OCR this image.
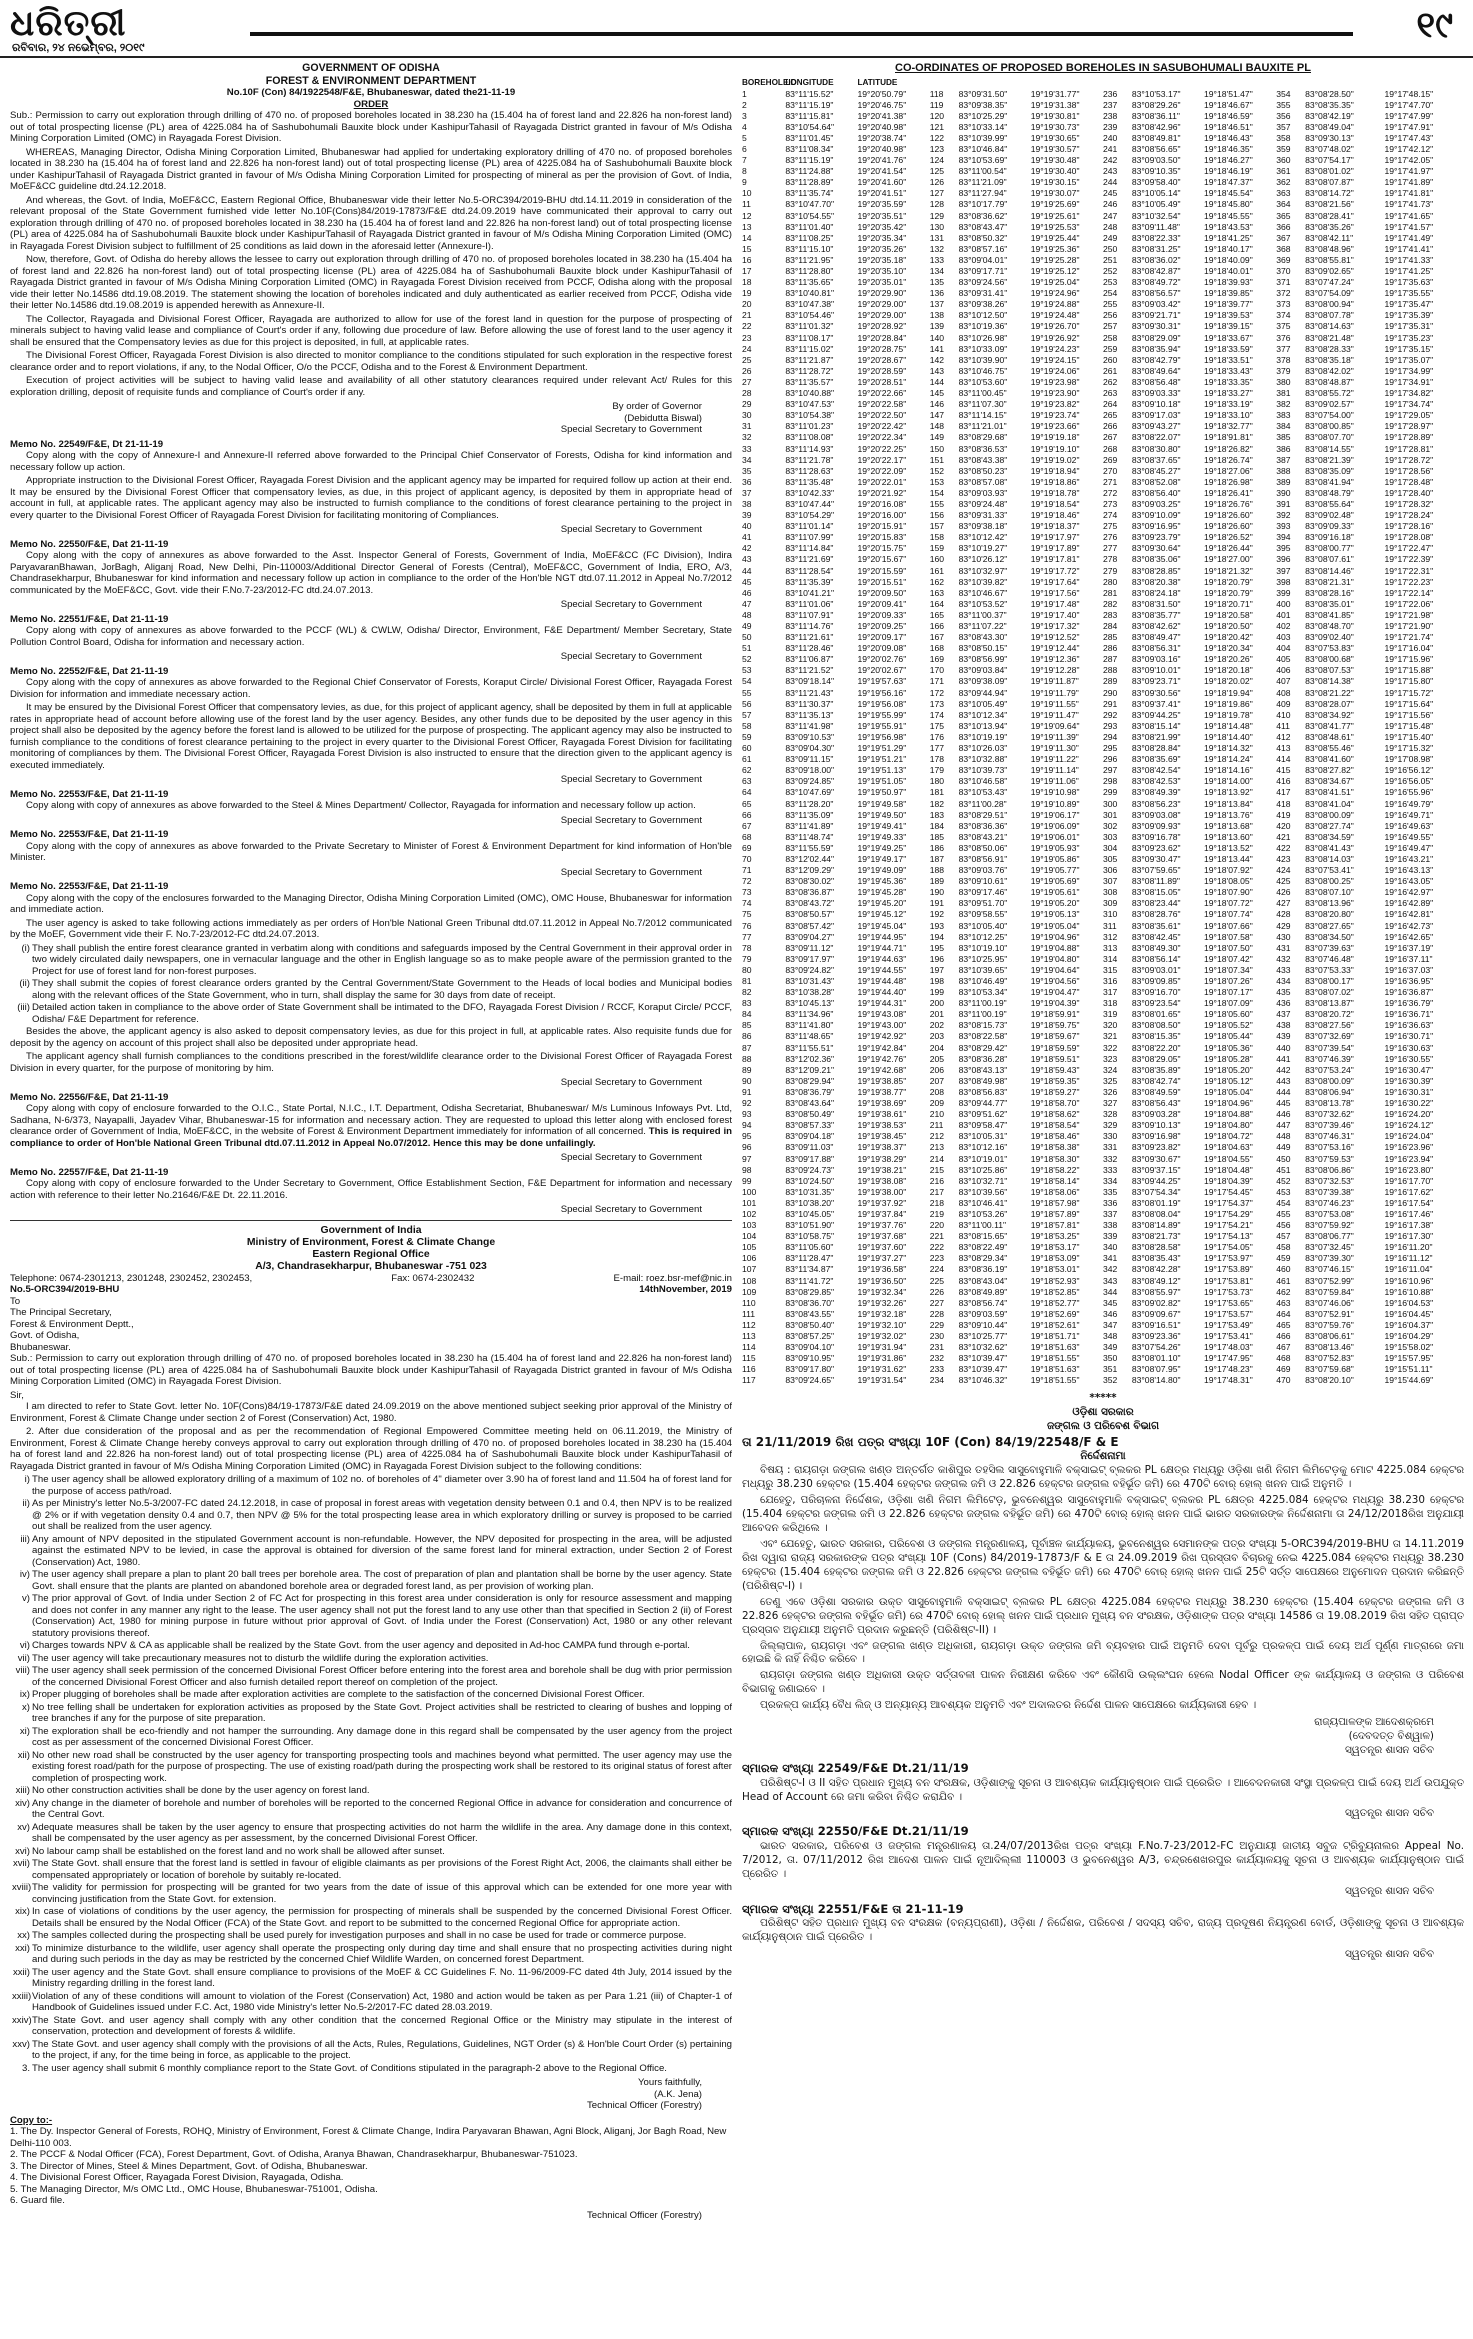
ଧରିତ୍ରୀ
ରବିବାର, ୨୪ ନଭେମ୍ବର, ୨୦୧୯
୧୯
GOVERNMENT OF ODISHA
FOREST & ENVIRONMENT DEPARTMENT
No.10F (Con) 84/1922548/F&E, Bhubaneswar, dated the21-11-19
ORDER
Sub.: Permission to carry out exploration through drilling of 470 no. of proposed boreholes located in 38.230 ha (15.404 ha of forest land and 22.826 ha non-forest land) out of total prospecting license (PL) area of 4225.084 ha of Sashubohumali Bauxite block under KashipurTahasil of Rayagada District granted in favour of M/s Odisha Mining Corporation Limited (OMC) in Rayagada Forest Division.
WHEREAS, Managing Director, Odisha Mining Corporation Limited, Bhubaneswar had applied for undertaking exploratory drilling of 470 no. of proposed boreholes located in 38.230 ha (15.404 ha of forest land and 22.826 ha non-forest land) out of total prospecting license (PL) area of 4225.084 ha of Sashubohumali Bauxite block under KashipurTahasil of Rayagada District granted in favour of M/s Odisha Mining Corporation Limited for prospecting of mineral as per the provision of Govt. of India, MoEF&CC guideline dtd.24.12.2018.
And whereas, the Govt. of India, MoEF&CC, Eastern Regional Office, Bhubaneswar vide their letter No.5-ORC394/2019-BHU dtd.14.11.2019 in consideration of the relevant proposal of the State Government furnished vide letter No.10F(Cons)84/2019-17873/F&E dtd.24.09.2019 have communicated their approval to carry out exploration through drilling of 470 no. of proposed boreholes located in 38.230 ha (15.404 ha of forest land and 22.826 ha non-forest land) out of total prospecting license (PL) area of 4225.084 ha of Sashubohumali Bauxite block under KashipurTahasil of Rayagada District granted in favour of M/s Odisha Mining Corporation Limited (OMC) in Rayagada Forest Division subject to fulfillment of 25 conditions as laid down in the aforesaid letter (Annexure-I).
Now, therefore, Govt. of Odisha do hereby allows the lessee to carry out exploration through drilling of 470 no. of proposed boreholes located in 38.230 ha (15.404 ha of forest land and 22.826 ha non-forest land) out of total prospecting license (PL) area of 4225.084 ha of Sashubohumali Bauxite block under KashipurTahasil of Rayagada District granted in favour of M/s Odisha Mining Corporation Limited (OMC) in Rayagada Forest Division received from PCCF, Odisha along with the proposal vide their letter No.14586 dtd.19.08.2019. The statement showing the location of boreholes indicated and duly authenticated as earlier received from PCCF, Odisha vide their letter No.14586 dtd.19.08.2019 is appended herewith as Annexure-II.
The Collector, Rayagada and Divisional Forest Officer, Rayagada are authorized to allow for use of the forest land in question for the purpose of prospecting of minerals subject to having valid lease and compliance of Court's order if any, following due procedure of law. Before allowing the use of forest land to the user agency it shall be ensured that the Compensatory levies as due for this project is deposited, in full, at applicable rates.
The Divisional Forest Officer, Rayagada Forest Division is also directed to monitor compliance to the conditions stipulated for such exploration in the respective forest clearance order and to report violations, if any, to the Nodal Officer, O/o the PCCF, Odisha and to the Forest & Environment Department.
Execution of project activities will be subject to having valid lease and availability of all other statutory clearances required under relevant Act/ Rules for this exploration drilling, deposit of requisite funds and compliance of Court's order if any.
By order of Governor
(Debidutta Biswal)
Special Secretary to Government
Memo No. 22549/F&E, Dt 21-11-19
Copy along with the copy of Annexure-I and Annexure-II referred above forwarded to the Principal Chief Conservator of Forests, Odisha for kind information and necessary follow up action.
Appropriate instruction to the Divisional Forest Officer, Rayagada Forest Division and the applicant agency may be imparted for required follow up action at their end. It may be ensured by the Divisional Forest Officer that compensatory levies, as due, in this project of applicant agency, is deposited by them in appropriate head of account in full, at applicable rates. The applicant agency may also be instructed to furnish compliance to the conditions of forest clearance pertaining to the project in every quarter to the Divisional Forest Officer of Rayagada Forest Division for facilitating monitoring of Compliances.
Special Secretary to Government
Memo No. 22550/F&E, Dat 21-11-19
Copy along with the copy of annexures as above forwarded to the Asst. Inspector General of Forests, Government of India, MoEF&CC (FC Division), Indira ParyavaranBhawan, JorBagh, Aliganj Road, New Delhi, Pin-110003/Additional Director General of Forests (Central), MoEF&CC, Government of India, ERO, A/3, Chandrasekharpur, Bhubaneswar for kind information and necessary follow up action in compliance to the order of the Hon'ble NGT dtd.07.11.2012 in Appeal No.7/2012 communicated by the MoEF&CC, Govt. vide their F.No.7-23/2012-FC dtd.24.07.2013.
Special Secretary to Government
Memo No. 22551/F&E, Dat 21-11-19
Copy along with copy of annexures as above forwarded to the PCCF (WL) & CWLW, Odisha/ Director, Environment, F&E Department/ Member Secretary, State Pollution Control Board, Odisha for information and necessary action.
Special Secretary to Government
Memo No. 22552/F&E, Dat 21-11-19
Copy along with the copy of annexures as above forwarded to the Regional Chief Conservator of Forests, Koraput Circle/ Divisional Forest Officer, Rayagada Forest Division for information and immediate necessary action.
It may be ensured by the Divisional Forest Officer that compensatory levies, as due, for this project of applicant agency, shall be deposited by them in full at applicable rates in appropriate head of account before allowing use of the forest land by the user agency. Besides, any other funds due to be deposited by the user agency in this project shall also be deposited by the agency before the forest land is allowed to be utilized for the purpose of prospecting. The applicant agency may also be instructed to furnish compliance to the conditions of forest clearance pertaining to the project in every quarter to the Divisional Forest Officer, Rayagada Forest Division for facilitating monitoring of compliances by them. The Divisional Forest Officer, Rayagada Forest Division is also instructed to ensure that the direction given to the applicant agency is executed immediately.
Special Secretary to Government
Memo No. 22553/F&E, Dat 21-11-19
Copy along with copy of annexures as above forwarded to the Steel & Mines Department/ Collector, Rayagada for information and necessary follow up action.
Special Secretary to Government
Memo No. 22553/F&E, Dat 21-11-19
Copy along with the copy of annexures as above forwarded to the Private Secretary to Minister of Forest & Environment Department for kind information of Hon'ble Minister.
Special Secretary to Government
Memo No. 22553/F&E, Dat 21-11-19
Copy along with the copy of the enclosures forwarded to the Managing Director, Odisha Mining Corporation Limited (OMC), OMC House, Bhubaneswar for information and immediate action.
The user agency is asked to take following actions immediately as per orders of Hon'ble National Green Tribunal dtd.07.11.2012 in Appeal No.7/2012 communicated by the MoEF, Government vide their F. No.7-23/2012-FC dtd.24.07.2013.
(i) They shall publish the entire forest clearance granted in verbatim along with conditions and safeguards imposed by the Central Government in their approval order in two widely circulated daily newspapers, one in vernacular language and the other in English language so as to make people aware of the permission granted to the Project for use of forest land for non-forest purposes.
(ii) They shall submit the copies of forest clearance orders granted by the Central Government/State Government to the Heads of local bodies and Municipal bodies along with the relevant offices of the State Government, who in turn, shall display the same for 30 days from date of receipt.
(iii) Detailed action taken in compliance to the above order of State Government shall be intimated to the DFO, Rayagada Forest Division / RCCF, Koraput Circle/ PCCF, Odisha/ F&E Department for reference.
Besides the above, the applicant agency is also asked to deposit compensatory levies, as due for this project in full, at applicable rates. Also requisite funds due for deposit by the agency on account of this project shall also be deposited under appropriate head.
The applicant agency shall furnish compliances to the conditions prescribed in the forest/wildlife clearance order to the Divisional Forest Officer of Rayagada Forest Division in every quarter, for the purpose of monitoring by him.
Special Secretary to Government
Memo No. 22556/F&E, Dat 21-11-19
Copy along with copy of enclosure forwarded to the O.I.C., State Portal, N.I.C., I.T. Department, Odisha Secretariat, Bhubaneswar/ M/s Luminous Infoways Pvt. Ltd, Sadhana, N-6/373, Nayapalli, Jayadev Vihar, Bhubaneswar-15 for information and necessary action. They are requested to upload this letter along with enclosed forest clearance order of Government of India, MoEF&CC, in the website of Forest & Environment Department immediately for information of all concerned. This is required in compliance to order of Hon'ble National Green Tribunal dtd.07.11.2012 in Appeal No.07/2012. Hence this may be done unfailingly.
Special Secretary to Government
Memo No. 22557/F&E, Dat 21-11-19
Copy along with copy of enclosure forwarded to the Under Secretary to Government, Office Establishment Section, F&E Department for information and necessary action with reference to their letter No.21646/F&E Dt. 22.11.2016.
Special Secretary to Government
Government of India
Ministry of Environment, Forest & Climate Change
Eastern Regional Office
A/3, Chandrasekharpur, Bhubaneswar -751 023
Telephone: 0674-2301213, 2301248, 2302452, 2302453,	Fax: 0674-2302432	E-mail: roez.bsr-mef@nic.in
No.5-ORC394/2019-BHU	14thNovember, 2019
To
The Principal Secretary,
Forest & Environment Deptt.,
Govt. of Odisha,
Bhubaneswar.
Sub.: Permission to carry out exploration through drilling of 470 no. of proposed boreholes located in 38.230 ha (15.404 ha of forest land and 22.826 ha non-forest land) out of total prospecting license (PL) area of 4225.084 ha of Sashubohumali Bauxite block under KashipurTahasil of Rayagada District granted in favour of M/s Odisha Mining Corporation Limited (OMC) in Rayagada Forest Division.
Sir,
I am directed to refer to State Govt. letter No. 10F(Cons)84/19-17873/F&E dated 24.09.2019 on the above mentioned subject seeking prior approval of the Ministry of Environment, Forest & Climate Change under section 2 of Forest (Conservation) Act, 1980.
2. After due consideration of the proposal and as per the recommendation of Regional Empowered Committee meeting held on 06.11.2019, the Ministry of Environment, Forest & Climate Change hereby conveys approval to carry out exploration through drilling of 470 no. of proposed boreholes located in 38.230 ha (15.404 ha of forest land and 22.826 ha non-forest land) out of total prospecting license (PL) area of 4225.084 ha of Sashubohumali Bauxite block under KashipurTahasil of Rayagada District granted in favour of M/s Odisha Mining Corporation Limited (OMC) in Rayagada Forest Division subject to the following conditions:
i) The user agency shall be allowed exploratory drilling of a maximum of 102 no. of boreholes of 4" diameter over 3.90 ha of forest land and 11.504 ha of forest land for the purpose of access path/road.
ii) As per Ministry's letter No.5-3/2007-FC dated 24.12.2018, in case of proposal in forest areas with vegetation density between 0.1 and 0.4, then NPV is to be realized @ 2% or if with vegetation density 0.4 and 0.7, then NPV @ 5% for the total prospecting lease area in which exploratory drilling or survey is proposed to be carried out shall be realized from the user agency.
iii) Any amount of NPV deposited in the stipulated Government account is non-refundable. However, the NPV deposited for prospecting in the area, will be adjusted against the estimated NPV to be levied, in case the approval is obtained for diversion of the same forest land for mineral extraction, under Section 2 of Forest (Conservation) Act, 1980.
iv) The user agency shall prepare a plan to plant 20 ball trees per borehole area. The cost of preparation of plan and plantation shall be borne by the user agency. State Govt. shall ensure that the plants are planted on abandoned borehole area or degraded forest land, as per provision of working plan.
v) The prior approval of Govt. of India under Section 2 of FC Act for prospecting in this forest area under consideration is only for resource assessment and mapping and does not confer in any manner any right to the lease. The user agency shall not put the forest land to any use other than that specified in Section 2 (ii) of Forest (Conservation) Act, 1980 for mining purpose in future without prior approval of Govt. of India under the Forest (Conservation) Act, 1980 or any other relevant statutory provisions thereof.
vi) Charges towards NPV & CA as applicable shall be realized by the State Govt. from the user agency and deposited in Ad-hoc CAMPA fund through e-portal.
vii) The user agency will take precautionary measures not to disturb the wildlife during the exploration activities.
viii) The user agency shall seek permission of the concerned Divisional Forest Officer before entering into the forest area and borehole shall be dug with prior permission of the concerned Divisional Forest Officer and also furnish detailed report thereof on completion of the project.
ix) Proper plugging of boreholes shall be made after exploration activities are complete to the satisfaction of the concerned Divisional Forest Officer.
x) No tree felling shall be undertaken for exploration activities as proposed by the State Govt. Project activities shall be restricted to clearing of bushes and lopping of tree branches if any for the purpose of site preparation.
xi) The exploration shall be eco-friendly and not hamper the surrounding. Any damage done in this regard shall be compensated by the user agency from the project cost as per assessment of the concerned Divisional Forest Officer.
xii) No other new road shall be constructed by the user agency for transporting prospecting tools and machines beyond what permitted. The user agency may use the existing forest road/path for the purpose of prospecting. The use of existing road/path during the prospecting work shall be restored to its original status of forest after completion of prospecting work.
xiii) No other construction activities shall be done by the user agency on forest land.
xiv) Any change in the diameter of borehole and number of boreholes will be reported to the concerned Regional Office in advance for consideration and concurrence of the Central Govt.
xv) Adequate measures shall be taken by the user agency to ensure that prospecting activities do not harm the wildlife in the area. Any damage done in this context, shall be compensated by the user agency as per assessment, by the concerned Divisional Forest Officer.
xvi) No labour camp shall be established on the forest land and no work shall be allowed after sunset.
xvii) The State Govt. shall ensure that the forest land is settled in favour of eligible claimants as per provisions of the Forest Right Act, 2006, the claimants shall either be compensated appropriately or location of borehole by suitably re-located.
xviii) The validity for permission for prospecting will be granted for two years from the date of issue of this approval which can be extended for one more year with convincing justification from the State Govt. for extension.
xix) In case of violations of conditions by the user agency, the permission for prospecting of minerals shall be suspended by the concerned Divisional Forest Officer. Details shall be ensured by the Nodal Officer (FCA) of the State Govt. and report to be submitted to the concerned Regional Office for appropriate action.
xx) The samples collected during the prospecting shall be used purely for investigation purposes and shall in no case be used for trade or commerce purpose.
xxi) To minimize disturbance to the wildlife, user agency shall operate the prospecting only during day time and shall ensure that no prospecting activities during night and during such periods in the day as may be restricted by the concerned Chief Wildlife Warden, on concerned forest Department.
xxii) The user agency and the State Govt. shall ensure compliance to provisions of the MoEF & CC Guidelines F. No. 11-96/2009-FC dated 4th July, 2014 issued by the Ministry regarding drilling in the forest land.
xxiii) Violation of any of these conditions will amount to violation of the Forest (Conservation) Act, 1980 and action would be taken as per Para 1.21 (iii) of Chapter-1 of Handbook of Guidelines issued under F.C. Act, 1980 vide Ministry's letter No.5-2/2017-FC dated 28.03.2019.
xxiv) The State Govt. and user agency shall comply with any other condition that the concerned Regional Office or the Ministry may stipulate in the interest of conservation, protection and development of forests & wildlife.
xxv) The State Govt. and user agency shall comply with the provisions of all the Acts, Rules, Regulations, Guidelines, NGT Order (s) & Hon'ble Court Order (s) pertaining to the project, if any, for the time being in force, as applicable to the project.
3. The user agency shall submit 6 monthly compliance report to the State Govt. of Conditions stipulated in the paragraph-2 above to the Regional Office.
Yours faithfully,
(A.K. Jena)
Technical Officer (Forestry)
Copy to:-
1. The Dy. Inspector General of Forests, ROHQ, Ministry of Environment, Forest & Climate Change, Indira Paryavaran Bhawan, Agni Block, Aliganj, Jor Bagh Road, New Delhi-110 003.
2. The PCCF & Nodal Officer (FCA), Forest Department, Govt. of Odisha, Aranya Bhawan, Chandrasekharpur, Bhubaneswar-751023.
3. The Director of Mines, Steel & Mines Department, Govt. of Odisha, Bhubaneswar.
4. The Divisional Forest Officer, Rayagada Forest Division, Rayagada, Odisha.
5. The Managing Director, M/s OMC Ltd., OMC House, Bhubaneswar-751001, Odisha.
6. Guard file.
Technical Officer (Forestry)
CO-ORDINATES OF PROPOSED BOREHOLES IN SASUBOHUMALI BAUXITE PL
BOREHOLEID	LONGITUDE	LATITUDE									
1	83°11'15.52"	19°20'50.79"	118	83°09'31.50"	19°19'31.77"	236	83°10'53.17"	19°18'51.47"	354	83°08'28.50"	19°17'48.15"
2	83°11'15.19"	19°20'46.75"	119	83°09'38.35"	19°19'31.38"	237	83°08'29.26"	19°18'46.67"	355	83°08'35.35"	19°17'47.70"
3	83°11'15.81"	19°20'41.38"	120	83°10'25.29"	19°19'30.81"	238	83°08'36.11"	19°18'46.59"	356	83°08'42.19"	19°17'47.99"
4	83°10'54.64"	19°20'40.98"	121	83°10'33.14"	19°19'30.73"	239	83°08'42.96"	19°18'46.51"	357	83°08'49.04"	19°17'47.91"
5	83°11'01.45"	19°20'38.74"	122	83°10'39.99"	19°19'30.65"	240	83°08'49.81"	19°18'46.43"	358	83°09'30.13"	19°17'47.43"
6	83°11'08.34"	19°20'40.98"	123	83°10'46.84"	19°19'30.57"	241	83°08'56.65"	19°18'46.35"	359	83°07'48.02"	19°17'42.12"
7	83°11'15.19"	19°20'41.76"	124	83°10'53.69"	19°19'30.48"	242	83°09'03.50"	19°18'46.27"	360	83°07'54.17"	19°17'42.05"
8	83°11'24.88"	19°20'41.54"	125	83°11'00.54"	19°19'30.40"	243	83°09'10.35"	19°18'46.19"	361	83°08'01.02"	19°17'41.97"
9	83°11'28.89"	19°20'41.60"	126	83°11'21.09"	19°19'30.15"	244	83°09'58.40"	19°18'47.37"	362	83°08'07.87"	19°17'41.89"
10	83°11'35.74"	19°20'41.51"	127	83°11'27.94"	19°19'30.07"	245	83°10'05.14"	19°18'45.54"	363	83°08'14.72"	19°17'41.81"
11	83°10'47.70"	19°20'35.59"	128	83°10'17.79"	19°19'25.69"	246	83°10'05.49"	19°18'45.80"	364	83°08'21.56"	19°17'41.73"
12	83°10'54.55"	19°20'35.51"	129	83°08'36.62"	19°19'25.61"	247	83°10'32.54"	19°18'45.55"	365	83°08'28.41"	19°17'41.65"
13	83°11'01.40"	19°20'35.42"	130	83°08'43.47"	19°19'25.53"	248	83°09'11.48"	19°18'43.53"	366	83°08'35.26"	19°17'41.57"
14	83°11'08.25"	19°20'35.34"	131	83°08'50.32"	19°19'25.44"	249	83°08'22.33"	19°18'41.25"	367	83°08'42.11"	19°17'41.49"
15	83°11'15.10"	19°20'35.26"	132	83°08'57.16"	19°19'25.36"	250	83°08'31.25"	19°18'40.17"	368	83°08'48.96"	19°17'41.41"
16	83°11'21.95"	19°20'35.18"	133	83°09'04.01"	19°19'25.28"	251	83°08'36.02"	19°18'40.09"	369	83°08'55.81"	19°17'41.33"
17	83°11'28.80"	19°20'35.10"	134	83°09'17.71"	19°19'25.12"	252	83°08'42.87"	19°18'40.01"	370	83°09'02.65"	19°17'41.25"
18	83°11'35.65"	19°20'35.01"	135	83°09'24.56"	19°19'25.04"	253	83°08'49.72"	19°18'39.93"	371	83°07'47.24"	19°17'35.63"
19	83°10'40.81"	19°20'29.90"	136	83°09'31.41"	19°19'24.96"	254	83°08'56.57"	19°18'39.85"	372	83°07'54.09"	19°17'35.55"
20	83°10'47.38"	19°20'29.00"	137	83°09'38.26"	19°19'24.88"	255	83°09'03.42"	19°18'39.77"	373	83°08'00.94"	19°17'35.47"
21	83°10'54.46"	19°20'29.00"	138	83°10'12.50"	19°19'24.48"	256	83°09'21.71"	19°18'39.53"	374	83°08'07.78"	19°17'35.39"
22	83°11'01.32"	19°20'28.92"	139	83°10'19.36"	19°19'26.70"	257	83°09'30.31"	19°18'39.15"	375	83°08'14.63"	19°17'35.31"
23	83°11'08.17"	19°20'28.84"	140	83°10'26.98"	19°19'26.92"	258	83°08'29.09"	19°18'33.67"	376	83°08'21.48"	19°17'35.23"
24	83°11'15.02"	19°20'28.75"	141	83°10'33.09"	19°19'24.23"	259	83°08'35.94"	19°18'33.59"	377	83°08'28.33"	19°17'35.15"
25	83°11'21.87"	19°20'28.67"	142	83°10'39.90"	19°19'24.15"	260	83°08'42.79"	19°18'33.51"	378	83°08'35.18"	19°17'35.07"
26	83°11'28.72"	19°20'28.59"	143	83°10'46.75"	19°19'24.06"	261	83°08'49.64"	19°18'33.43"	379	83°08'42.02"	19°17'34.99"
27	83°11'35.57"	19°20'28.51"	144	83°10'53.60"	19°19'23.98"	262	83°08'56.48"	19°18'33.35"	380	83°08'48.87"	19°17'34.91"
28	83°10'40.88"	19°20'22.66"	145	83°11'00.45"	19°19'23.90"	263	83°09'03.33"	19°18'33.27"	381	83°08'55.72"	19°17'34.82"
29	83°10'47.53"	19°20'22.58"	146	83°11'07.30"	19°19'23.82"	264	83°09'10.18"	19°18'33.19"	382	83°09'02.57"	19°17'34.74"
30	83°10'54.38"	19°20'22.50"	147	83°11'14.15"	19°19'23.74"	265	83°09'17.03"	19°18'33.10"	383	83°07'54.00"	19°17'29.05"
31	83°11'01.23"	19°20'22.42"	148	83°11'21.01"	19°19'23.66"	266	83°09'43.27"	19°18'32.77"	384	83°08'00.85"	19°17'28.97"
32	83°11'08.08"	19°20'22.34"	149	83°08'29.68"	19°19'19.18"	267	83°08'22.07"	19°18'91.81"	385	83°08'07.70"	19°17'28.89"
33	83°11'14.93"	19°20'22.25"	150	83°08'36.53"	19°19'19.10"	268	83°08'30.80"	19°18'26.82"	386	83°08'14.55"	19°17'28.81"
34	83°11'21.78"	19°20'22.17"	151	83°08'43.38"	19°19'19.02"	269	83°08'37.65"	19°18'26.74"	387	83°08'21.39"	19°17'28.72"
35	83°11'28.63"	19°20'22.09"	152	83°08'50.23"	19°19'18.94"	270	83°08'45.27"	19°18'27.06"	388	83°08'35.09"	19°17'28.56"
36	83°11'35.48"	19°20'22.01"	153	83°08'57.08"	19°19'18.86"	271	83°08'52.08"	19°18'26.98"	389	83°08'41.94"	19°17'28.48"
37	83°10'42.33"	19°20'21.92"	154	83°09'03.93"	19°19'18.78"	272	83°08'56.40"	19°18'26.41"	390	83°08'48.79"	19°17'28.40"
38	83°10'47.44"	19°20'16.08"	155	83°09'24.48"	19°19'18.54"	273	83°09'03.25"	19°18'26.76"	391	83°08'55.64"	19°17'28.32"
39	83°10'54.29"	19°20'16.00"	156	83°09'31.33"	19°19'18.46"	274	83°09'10.09"	19°18'26.60"	392	83°09'02.48"	19°17'28.24"
40	83°11'01.14"	19°20'15.91"	157	83°09'38.18"	19°19'18.37"	275	83°09'16.95"	19°18'26.60"	393	83°09'09.33"	19°17'28.16"
41	83°11'07.99"	19°20'15.83"	158	83°10'12.42"	19°19'17.97"	276	83°09'23.79"	19°18'26.52"	394	83°09'16.18"	19°17'28.08"
42	83°11'14.84"	19°20'15.75"	159	83°10'19.27"	19°19'17.89"	277	83°09'30.64"	19°18'26.44"	395	83°08'00.77"	19°17'22.47"
43	83°11'21.69"	19°20'15.67"	160	83°10'26.12"	19°19'17.81"	278	83°08'35.06"	19°18'27.00"	396	83°08'07.61"	19°17'22.39"
44	83°11'28.54"	19°20'15.59"	161	83°10'32.97"	19°19'17.72"	279	83°08'28.85"	19°18'21.32"	397	83°08'14.46"	19°17'22.31"
45	83°11'35.39"	19°20'15.51"	162	83°10'39.82"	19°19'17.64"	280	83°08'20.38"	19°18'20.79"	398	83°08'21.31"	19°17'22.23"
46	83°10'41.21"	19°20'09.50"	163	83°10'46.67"	19°19'17.56"	281	83°08'24.18"	19°18'20.79"	399	83°08'28.16"	19°17'22.14"
47	83°11'01.06"	19°20'09.41"	164	83°10'53.52"	19°19'17.48"	282	83°08'31.50"	19°18'20.71"	400	83°08'35.01"	19°17'22.06"
48	83°11'07.91"	19°20'09.33"	165	83°11'00.37"	19°19'17.40"	283	83°08'35.77"	19°18'20.58"	401	83°08'41.85"	19°17'21.98"
49	83°11'14.76"	19°20'09.25"	166	83°11'07.22"	19°19'17.32"	284	83°08'42.62"	19°18'20.50"	402	83°08'48.70"	19°17'21.90"
50	83°11'21.61"	19°20'09.17"	167	83°08'43.30"	19°19'12.52"	285	83°08'49.47"	19°18'20.42"	403	83°09'02.40"	19°17'21.74"
51	83°11'28.46"	19°20'09.08"	168	83°08'50.15"	19°19'12.44"	286	83°08'56.31"	19°18'20.34"	404	83°07'53.83"	19°17'16.04"
52	83°11'06.87"	19°20'02.76"	169	83°08'56.99"	19°19'12.36"	287	83°09'03.16"	19°18'20.26"	405	83°08'00.68"	19°17'15.96"
53	83°11'21.52"	19°20'02.67"	170	83°09'03.84"	19°19'12.28"	288	83°09'10.01"	19°18'20.18"	406	83°08'07.53"	19°17'15.88"
54	83°09'18.14"	19°19'57.63"	171	83°09'38.09"	19°19'11.87"	289	83°09'23.71"	19°18'20.02"	407	83°08'14.38"	19°17'15.80"
55	83°11'21.43"	19°19'56.16"	172	83°09'44.94"	19°19'11.79"	290	83°09'30.56"	19°18'19.94"	408	83°08'21.22"	19°17'15.72"
56	83°11'30.37"	19°19'56.08"	173	83°10'05.49"	19°19'11.55"	291	83°09'37.41"	19°18'19.86"	409	83°08'28.07"	19°17'15.64"
57	83°11'35.13"	19°19'55.99"	174	83°10'12.34"	19°19'11.47"	292	83°09'44.25"	19°18'19.78"	410	83°08'34.92"	19°17'15.56"
58	83°11'41.98"	19°19'55.91"	175	83°10'13.94"	19°19'09.64"	293	83°08'15.14"	19°18'14.48"	411	83°08'41.77"	19°17'15.48"
59	83°09'10.53"	19°19'56.98"	176	83°10'19.19"	19°19'11.39"	294	83°08'21.99"	19°18'14.40"	412	83°08'48.61"	19°17'15.40"
60	83°09'04.30"	19°19'51.29"	177	83°10'26.03"	19°19'11.30"	295	83°08'28.84"	19°18'14.32"	413	83°08'55.46"	19°17'15.32"
61	83°09'11.15"	19°19'51.21"	178	83°10'32.88"	19°19'11.22"	296	83°08'35.69"	19°18'14.24"	414	83°08'41.60"	19°17'08.98"
62	83°09'18.00"	19°19'51.13"	179	83°10'39.73"	19°19'11.14"	297	83°08'42.54"	19°18'14.16"	415	83°08'27.82"	19°16'56.12"
63	83°09'24.85"	19°19'51.05"	180	83°10'46.58"	19°19'11.06"	298	83°08'42.53"	19°18'14.00"	416	83°08'34.67"	19°16'56.05"
64	83°10'47.69"	19°19'50.97"	181	83°10'53.43"	19°19'10.98"	299	83°08'49.39"	19°18'13.92"	417	83°08'41.51"	19°16'55.96"
65	83°11'28.20"	19°19'49.58"	182	83°11'00.28"	19°19'10.89"	300	83°08'56.23"	19°18'13.84"	418	83°08'41.04"	19°16'49.79"
66	83°11'35.09"	19°19'49.50"	183	83°08'29.51"	19°19'06.17"	301	83°09'03.08"	19°18'13.76"	419	83°08'00.09"	19°16'49.71"
67	83°11'41.89"	19°19'49.41"	184	83°08'36.36"	19°19'06.09"	302	83°09'09.93"	19°18'13.68"	420	83°08'27.74"	19°16'49.63"
68	83°11'48.74"	19°19'49.33"	185	83°08'43.21"	19°19'06.01"	303	83°09'16.78"	19°18'13.60"	421	83°08'34.59"	19°16'49.55"
69	83°11'55.59"	19°19'49.25"	186	83°08'50.06"	19°19'05.93"	304	83°09'23.62"	19°18'13.52"	422	83°08'41.43"	19°16'49.47"
70	83°12'02.44"	19°19'49.17"	187	83°08'56.91"	19°19'05.86"	305	83°09'30.47"	19°18'13.44"	423	83°08'14.03"	19°16'43.21"
71	83°12'09.29"	19°19'49.09"	188	83°09'03.76"	19°19'05.77"	306	83°07'59.65"	19°18'07.92"	424	83°07'53.41"	19°16'43.13"
72	83°08'30.02"	19°19'45.36"	189	83°09'10.61"	19°19'05.69"	307	83°08'11.89"	19°18'08.05"	425	83°08'00.25"	19°16'43.05"
73	83°08'36.87"	19°19'45.28"	190	83°09'17.46"	19°19'05.61"	308	83°08'15.05"	19°18'07.90"	426	83°08'07.10"	19°16'42.97"
74	83°08'43.72"	19°19'45.20"	191	83°09'51.70"	19°19'05.20"	309	83°08'23.44"	19°18'07.72"	427	83°08'13.96"	19°16'42.89"
75	83°08'50.57"	19°19'45.12"	192	83°09'58.55"	19°19'05.13"	310	83°08'28.76"	19°18'07.74"	428	83°08'20.80"	19°16'42.81"
76	83°08'57.42"	19°19'45.04"	193	83°10'05.40"	19°19'05.04"	311	83°08'35.61"	19°18'07.66"	429	83°08'27.65"	19°16'42.73"
77	83°09'04.27"	19°19'44.95"	194	83°10'12.25"	19°19'04.96"	312	83°08'42.45"	19°18'07.58"	430	83°08'34.50"	19°16'42.65"
78	83°09'11.12"	19°19'44.71"	195	83°10'19.10"	19°19'04.88"	313	83°08'49.30"	19°18'07.50"	431	83°07'39.63"	19°16'37.19"
79	83°09'17.97"	19°19'44.63"	196	83°10'25.95"	19°19'04.80"	314	83°08'56.14"	19°18'07.42"	432	83°07'46.48"	19°16'37.11"
80	83°09'24.82"	19°19'44.55"	197	83°10'39.65"	19°19'04.64"	315	83°09'03.01"	19°18'07.34"	433	83°07'53.33"	19°16'37.03"
81	83°10'31.43"	19°19'44.48"	198	83°10'46.49"	19°19'04.56"	316	83°09'09.85"	19°18'07.26"	434	83°08'00.17"	19°16'36.95"
82	83°10'38.28"	19°19'44.40"	199	83°10'53.34"	19°19'04.47"	317	83°09'16.70"	19°18'07.17"	435	83°08'07.02"	19°16'36.87"
83	83°10'45.13"	19°19'44.31"	200	83°11'00.19"	19°19'04.39"	318	83°09'23.54"	19°18'07.09"	436	83°08'13.87"	19°16'36.79"
84	83°11'34.96"	19°19'43.08"	201	83°11'00.19"	19°18'59.91"	319	83°08'01.65"	19°18'05.60"	437	83°08'20.72"	19°16'36.71"
85	83°11'41.80"	19°19'43.00"	202	83°08'15.73"	19°18'59.75"	320	83°08'08.50"	19°18'05.52"	438	83°08'27.56"	19°16'36.63"
86	83°11'48.65"	19°19'42.92"	203	83°08'22.58"	19°18'59.67"	321	83°08'15.35"	19°18'05.44"	439	83°07'32.69"	19°16'30.71"
87	83°11'55.51"	19°19'42.84"	204	83°08'29.42"	19°18'59.59"	322	83°08'22.20"	19°18'05.36"	440	83°07'39.54"	19°16'30.63"
88	83°12'02.36"	19°19'42.76"	205	83°08'36.28"	19°18'59.51"	323	83°08'29.05"	19°18'05.28"	441	83°07'46.39"	19°16'30.55"
89	83°12'09.21"	19°19'42.68"	206	83°08'43.13"	19°18'59.43"	324	83°08'35.89"	19°18'05.20"	442	83°07'53.24"	19°16'30.47"
90	83°08'29.94"	19°19'38.85"	207	83°08'49.98"	19°18'59.35"	325	83°08'42.74"	19°18'05.12"	443	83°08'00.09"	19°16'30.39"
91	83°08'36.79"	19°19'38.77"	208	83°08'56.83"	19°18'59.27"	326	83°08'49.59"	19°18'05.04"	444	83°08'06.94"	19°16'30.31"
92	83°08'43.64"	19°19'38.69"	209	83°09'44.77"	19°18'58.70"	327	83°08'56.43"	19°18'04.96"	445	83°08'13.78"	19°16'30.22"
93	83°08'50.49"	19°19'38.61"	210	83°09'51.62"	19°18'58.62"	328	83°09'03.28"	19°18'04.88"	446	83°07'32.62"	19°16'24.20"
94	83°08'57.33"	19°19'38.53"	211	83°09'58.47"	19°18'58.54"	329	83°09'10.13"	19°18'04.80"	447	83°07'39.46"	19°16'24.12"
95	83°09'04.18"	19°19'38.45"	212	83°10'05.31"	19°18'58.46"	330	83°09'16.98"	19°18'04.72"	448	83°07'46.31"	19°16'24.04"
96	83°09'11.03"	19°19'38.37"	213	83°10'12.16"	19°18'58.38"	331	83°09'23.82"	19°18'04.63"	449	83°07'53.16"	19°16'23.96"
97	83°09'17.88"	19°19'38.29"	214	83°10'19.01"	19°18'58.30"	332	83°09'30.67"	19°18'04.55"	450	83°07'59.53"	19°16'23.94"
98	83°09'24.73"	19°19'38.21"	215	83°10'25.86"	19°18'58.22"	333	83°09'37.15"	19°18'04.48"	451	83°08'06.86"	19°16'23.80"
99	83°10'24.50"	19°19'38.08"	216	83°10'32.71"	19°18'58.14"	334	83°09'44.25"	19°18'04.39"	452	83°07'32.53"	19°16'17.70"
100	83°10'31.35"	19°19'38.00"	217	83°10'39.56"	19°18'58.06"	335	83°07'54.34"	19°17'54.45"	453	83°07'39.38"	19°16'17.62"
101	83°10'38.20"	19°19'37.92"	218	83°10'46.41"	19°18'57.98"	336	83°08'01.19"	19°17'54.37"	454	83°07'46.23"	19°16'17.54"
102	83°10'45.05"	19°19'37.84"	219	83°10'53.26"	19°18'57.89"	337	83°08'08.04"	19°17'54.29"	455	83°07'53.08"	19°16'17.46"
103	83°10'51.90"	19°19'37.76"	220	83°11'00.11"	19°18'57.81"	338	83°08'14.89"	19°17'54.21"	456	83°07'59.92"	19°16'17.38"
104	83°10'58.75"	19°19'37.68"	221	83°08'15.65"	19°18'53.25"	339	83°08'21.73"	19°17'54.13"	457	83°08'06.77"	19°16'17.30"
105	83°11'05.60"	19°19'37.60"	222	83°08'22.49"	19°18'53.17"	340	83°08'28.58"	19°17'54.05"	458	83°07'32.45"	19°16'11.20"
106	83°11'28.47"	19°19'37.27"	223	83°08'29.34"	19°18'53.09"	341	83°08'35.43"	19°17'53.97"	459	83°07'39.30"	19°16'11.12"
107	83°11'34.87"	19°19'36.58"	224	83°08'36.19"	19°18'53.01"	342	83°08'42.28"	19°17'53.89"	460	83°07'46.15"	19°16'11.04"
108	83°11'41.72"	19°19'36.50"	225	83°08'43.04"	19°18'52.93"	343	83°08'49.12"	19°17'53.81"	461	83°07'52.99"	19°16'10.96"
109	83°08'29.85"	19°19'32.34"	226	83°08'49.89"	19°18'52.85"	344	83°08'55.97"	19°17'53.73"	462	83°07'59.84"	19°16'10.88"
110	83°08'36.70"	19°19'32.26"	227	83°08'56.74"	19°18'52.77"	345	83°09'02.82"	19°17'53.65"	463	83°07'46.06"	19°16'04.53"
111	83°08'43.55"	19°19'32.18"	228	83°09'03.59"	19°18'52.69"	346	83°09'09.67"	19°17'53.57"	464	83°07'52.91"	19°16'04.45"
112	83°08'50.40"	19°19'32.10"	229	83°09'10.44"	19°18'52.61"	347	83°09'16.51"	19°17'53.49"	465	83°07'59.76"	19°16'04.37"
113	83°08'57.25"	19°19'32.02"	230	83°10'25.77"	19°18'51.71"	348	83°09'23.36"	19°17'53.41"	466	83°08'06.61"	19°16'04.29"
114	83°09'04.10"	19°19'31.94"	231	83°10'32.62"	19°18'51.63"	349	83°07'54.26"	19°17'48.03"	467	83°08'13.46"	19°15'58.02"
115	83°09'10.95"	19°19'31.86"	232	83°10'39.47"	19°18'51.55"	350	83°08'01.10"	19°17'47.95"	468	83°07'52.83"	19°15'57.95"
116	83°09'17.80"	19°19'31.62"	233	83°10'39.47"	19°18'51.63"	351	83°08'07.95"	19°17'48.23"	469	83°07'59.68"	19°15'51.11"
117	83°09'24.65"	19°19'31.54"	234	83°10'46.32"	19°18'51.55"	352	83°08'14.80"	19°17'48.31"	470	83°08'20.10"	19°15'44.69"
*****
ଓଡ଼ିଶା ସରକାର
ଜଙ୍ଗଲ ଓ ପରିବେଶ ବିଭାଗ
ତା 21/11/2019 ରିଖ ପତ୍ର ସଂଖ୍ୟା 10F (Con) 84/19/22548/F & E
ନିର୍ଦ୍ଦେଶନାମା
ବିଷୟ : ରାୟଗଡ଼ା ଜଙ୍ଗଲ ଖଣ୍ଡ ଅନ୍ତର୍ଗତ କାଶିପୁର ତହସିଲ ସାସୁବୋହୁମାଳି ବକ୍ସାଇଟ୍ ବ୍ଲକର PL କ୍ଷେତ୍ର ମଧ୍ୟରୁ ଓଡ଼ିଶା ଖଣି ନିଗମ ଲିମିଟେଡ଼କୁ ମୋଟ 4225.084 ହେକ୍ଟର ମଧ୍ୟରୁ 38.230 ହେକ୍ଟର (15.404 ହେକ୍ଟର ଜଙ୍ଗଲ ଜମି ଓ 22.826 ହେକ୍ଟର ଜଙ୍ଗଲ ବହିର୍ଭୂତ ଜମି) ରେ 470ଟି ବୋର୍ ହୋଲ୍ ଖନନ ପାଇଁ ଅନୁମତି ।
ଯେହେତୁ, ପରିଚାଳନା ନିର୍ଦ୍ଦେଶକ, ଓଡ଼ିଶା ଖଣି ନିଗମ ଲିମିଟେଡ଼, ଭୁବନେଶ୍ୱର ସାସୁବୋହୁମାଳି ବକ୍ସାଇଟ୍ ବ୍ଲକର PL କ୍ଷେତ୍ର 4225.084 ହେକ୍ଟର ମଧ୍ୟରୁ 38.230 ହେକ୍ଟର (15.404 ହେକ୍ଟର ଜଙ୍ଗଲ ଜମି ଓ 22.826 ହେକ୍ଟର ଜଙ୍ଗଲ ବହିର୍ଭୂତ ଜମି) ରେ 470ଟି ବୋର୍ ହୋଲ୍ ଖନନ ପାଇଁ ଭାରତ ସରକାରଙ୍କ ନିର୍ଦ୍ଦେଶନାମା ତା 24/12/2018ରିଖ ଅନୁଯାୟୀ ଆବେଦନ କରିଥିଲେ ।
ଏବଂ ଯେହେତୁ, ଭାରତ ସରକାର, ପରିବେଶ ଓ ଜଙ୍ଗଲ ମନ୍ତ୍ରଣାଳୟ, ପୂର୍ବାଞ୍ଚଳ କାର୍ଯ୍ୟାଳୟ, ଭୁବନେଶ୍ୱର ସେମାନଙ୍କ ପତ୍ର ସଂଖ୍ୟା 5-ORC394/2019-BHU ତା 14.11.2019 ରିଖ ଦ୍ୱାରା ରାଜ୍ୟ ସରକାରଙ୍କ ପତ୍ର ସଂଖ୍ୟା 10F (Cons) 84/2019-17873/F & E ତା 24.09.2019 ରିଖ ପ୍ରସ୍ତାବ ବିଚାରକୁ ନେଇ 4225.084 ହେକ୍ଟର ମଧ୍ୟରୁ 38.230 ହେକ୍ଟର (15.404 ହେକ୍ଟର ଜଙ୍ଗଲ ଜମି ଓ 22.826 ହେକ୍ଟର ଜଙ୍ଗଲ ବହିର୍ଭୂତ ଜମି) ରେ 470ଟି ବୋର୍ ହୋଲ୍ ଖନନ ପାଇଁ 25ଟି ସର୍ତ୍ତ ସାପେକ୍ଷରେ ଅନୁମୋଦନ ପ୍ରଦାନ କରିଛନ୍ତି (ପରିଶିଷ୍ଟ-I) ।
ତେଣୁ ଏବେ ଓଡ଼ିଶା ସରକାର ଉକ୍ତ ସାସୁବୋହୁମାଳି ବକ୍ସାଇଟ୍ ବ୍ଲକର PL କ୍ଷେତ୍ର 4225.084 ହେକ୍ଟର ମଧ୍ୟରୁ 38.230 ହେକ୍ଟର (15.404 ହେକ୍ଟର ଜଙ୍ଗଲ ଜମି ଓ 22.826 ହେକ୍ଟର ଜଙ୍ଗଲ ବହିର୍ଭୂତ ଜମି) ରେ 470ଟି ବୋର୍ ହୋଲ୍ ଖନନ ପାଇଁ ପ୍ରଧାନ ମୁଖ୍ୟ ବନ ସଂରକ୍ଷକ, ଓଡ଼ିଶାଙ୍କ ପତ୍ର ସଂଖ୍ୟା 14586 ତା 19.08.2019 ରିଖ ସହିତ ପ୍ରାପ୍ତ ପ୍ରସ୍ତାବ ଅନୁଯାୟୀ ଅନୁମତି ପ୍ରଦାନ କରୁଛନ୍ତି (ପରିଶିଷ୍ଟ-II) ।
ଜିଲ୍ଲାପାଳ, ରାୟଗଡ଼ା ଏବଂ ଜଙ୍ଗଲ ଖଣ୍ଡ ଅଧିକାରୀ, ରାୟଗଡ଼ା ଉକ୍ତ ଜଙ୍ଗଲ ଜମି ବ୍ୟବହାର ପାଇଁ ଅନୁମତି ଦେବା ପୂର୍ବରୁ ପ୍ରକଳ୍ପ ପାଇଁ ଦେୟ ଅର୍ଥ ପୂର୍ଣ୍ଣ ମାତ୍ରାରେ ଜମା ହୋଇଛି କି ନାହିଁ ନିଶ୍ଚିତ କରିବେ ।
ରାୟଗଡ଼ା ଜଙ୍ଗଲ ଖଣ୍ଡ ଅଧିକାରୀ ଉକ୍ତ ସର୍ତ୍ତାବଳୀ ପାଳନ ନିରୀକ୍ଷଣ କରିବେ ଏବଂ କୌଣସି ଉଲ୍ଲଂଘନ ହେଲେ Nodal Officer ଙ୍କ କାର୍ଯ୍ୟାଳୟ ଓ ଜଙ୍ଗଲ ଓ ପରିବେଶ ବିଭାଗକୁ ଜଣାଇବେ ।
ପ୍ରକଳ୍ପ କାର୍ଯ୍ୟ ବୈଧ ଲିଜ୍ ଓ ଅନ୍ୟାନ୍ୟ ଆବଶ୍ୟକ ଅନୁମତି ଏବଂ ଅଦାଲତର ନିର୍ଦ୍ଦେଶ ପାଳନ ସାପେକ୍ଷରେ କାର୍ଯ୍ୟକାରୀ ହେବ ।
ରାଜ୍ୟପାଳଙ୍କ ଆଦେଶକ୍ରମେ
(ଦେବଦତ୍ତ ବିଶ୍ୱାଳ)
ସ୍ୱତନ୍ତ୍ର ଶାସନ ସଚିବ
ସ୍ମାରକ ସଂଖ୍ୟା 22549/F&E Dt.21/11/19
ପରିଶିଷ୍ଟ-I ଓ II ସହିତ ପ୍ରଧାନ ମୁଖ୍ୟ ବନ ସଂରକ୍ଷକ, ଓଡ଼ିଶାଙ୍କୁ ସୂଚନା ଓ ଆବଶ୍ୟକ କାର୍ଯ୍ୟାନୁଷ୍ଠାନ ପାଇଁ ପ୍ରେରିତ । ଆବେଦନକାରୀ ସଂସ୍ଥା ପ୍ରକଳ୍ପ ପାଇଁ ଦେୟ ଅର୍ଥ ଉପଯୁକ୍ତ Head of Account ରେ ଜମା କରିବା ନିଶ୍ଚିତ କରାଯିବ ।
ସ୍ୱତନ୍ତ୍ର ଶାସନ ସଚିବ
ସ୍ମାରକ ସଂଖ୍ୟା 22550/F&E Dt.21/11/19
ଭାରତ ସରକାର, ପରିବେଶ ଓ ଜଙ୍ଗଲ ମନ୍ତ୍ରଣାଳୟ ତା.24/07/2013ରିଖ ପତ୍ର ସଂଖ୍ୟା F.No.7-23/2012-FC ଅନୁଯାୟୀ ଜାତୀୟ ସବୁଜ ଟ୍ରିବ୍ୟୁନାଲର Appeal No. 7/2012, ତା. 07/11/2012 ରିଖ ଆଦେଶ ପାଳନ ପାଇଁ ନୂଆଦିଲ୍ଲୀ 110003 ଓ ଭୁବନେଶ୍ୱର A/3, ଚନ୍ଦ୍ରଶେଖରପୁର କାର୍ଯ୍ୟାଳୟକୁ ସୂଚନା ଓ ଆବଶ୍ୟକ କାର୍ଯ୍ୟାନୁଷ୍ଠାନ ପାଇଁ ପ୍ରେରିତ ।
ସ୍ୱତନ୍ତ୍ର ଶାସନ ସଚିବ
ସ୍ମାରକ ସଂଖ୍ୟା 22551/F&E ତା 21-11-19
ପରିଶିଷ୍ଟ ସହିତ ପ୍ରଧାନ ମୁଖ୍ୟ ବନ ସଂରକ୍ଷକ (ବନ୍ୟପ୍ରାଣୀ), ଓଡ଼ିଶା / ନିର୍ଦ୍ଦେଶକ, ପରିବେଶ / ସଦସ୍ୟ ସଚିବ, ରାଜ୍ୟ ପ୍ରଦୂଷଣ ନିୟନ୍ତ୍ରଣ ବୋର୍ଡ, ଓଡ଼ିଶାଙ୍କୁ ସୂଚନା ଓ ଆବଶ୍ୟକ କାର୍ଯ୍ୟାନୁଷ୍ଠାନ ପାଇଁ ପ୍ରେରିତ ।
ସ୍ୱତନ୍ତ୍ର ଶାସନ ସଚିବ
